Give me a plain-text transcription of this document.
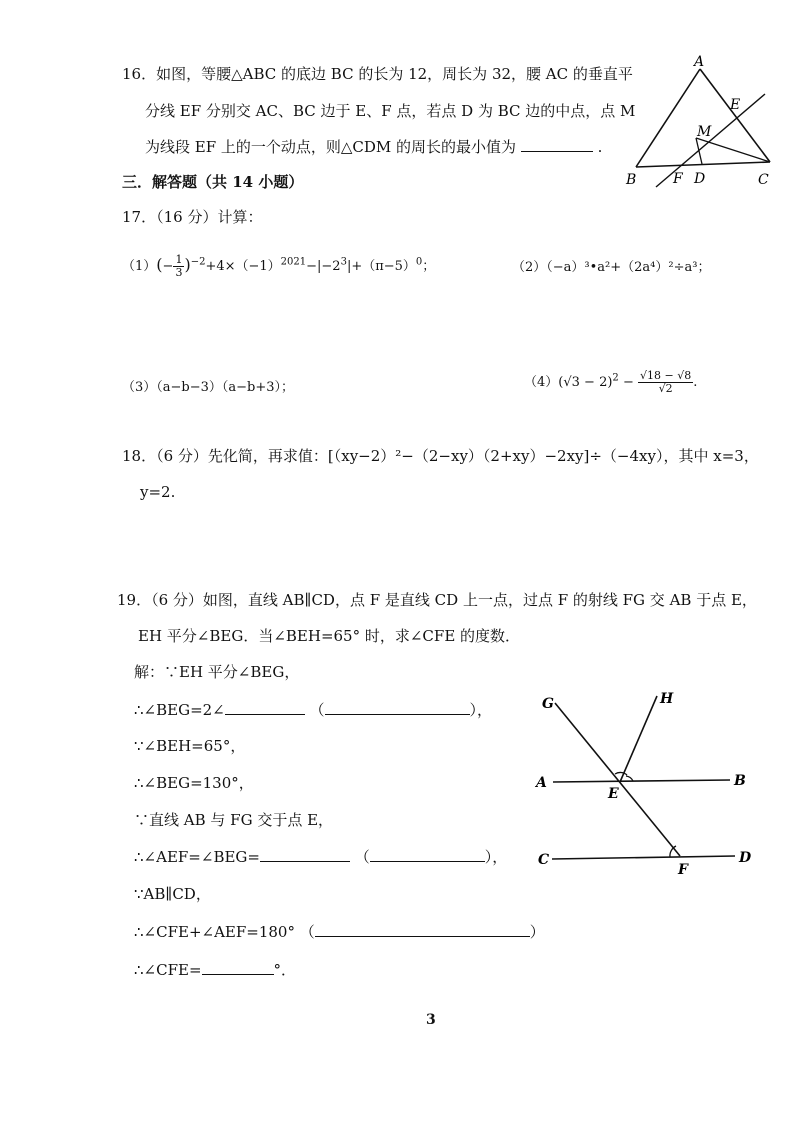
16．如图，等腰△ABC 的底边 BC 的长为 12，周长为 32，腰 AC 的垂直平
分线 EF 分别交 AC、BC 边于 E、F 点，若点 D 为 BC 边的中点，点 M
为线段 EF 上的一个动点，则△CDM 的周长的最小值为	.
A
E
M
B	F D	C
三．解答题（共 14 小题）
17．（16 分）计算：
$(1)(- \frac{1}{3} )^{-2}+4\times(-1)^{2021}-|-2^3|+(\pi-5)^0$；	（2）（−a）³•a²+（2a⁴）²÷a³；
（3）（a−b−3）（a−b+3）；	$(4)(√3 - 2)^2 - \frac{√18 - √8}{√2}$ .
18．（6 分）先化简，再求值：[（xy−2）²−（2−xy）（2+xy）−2xy]÷（−4xy），其中 x=3，
y=2.
19．（6 分）如图，直线 AB∥CD，点 F 是直线 CD 上一点，过点 F 的射线 FG 交 AB 于点 E，
EH 平分∠BEG．当∠BEH=65° 时，求∠CFE 的度数．
解：∵EH 平分∠BEG，
∴∠BEG=2∠	（	），
∵∠BEH=65°，
∴∠BEG=130°，
∵直线 AB 与 FG 交于点 E，
∴∠AEF=∠BEG=	（	），
∵AB∥CD，
∴∠CFE+∠AEF=180° （	）
∴∠CFE=	°．
G	H
A
E
B
C
F
D
3
